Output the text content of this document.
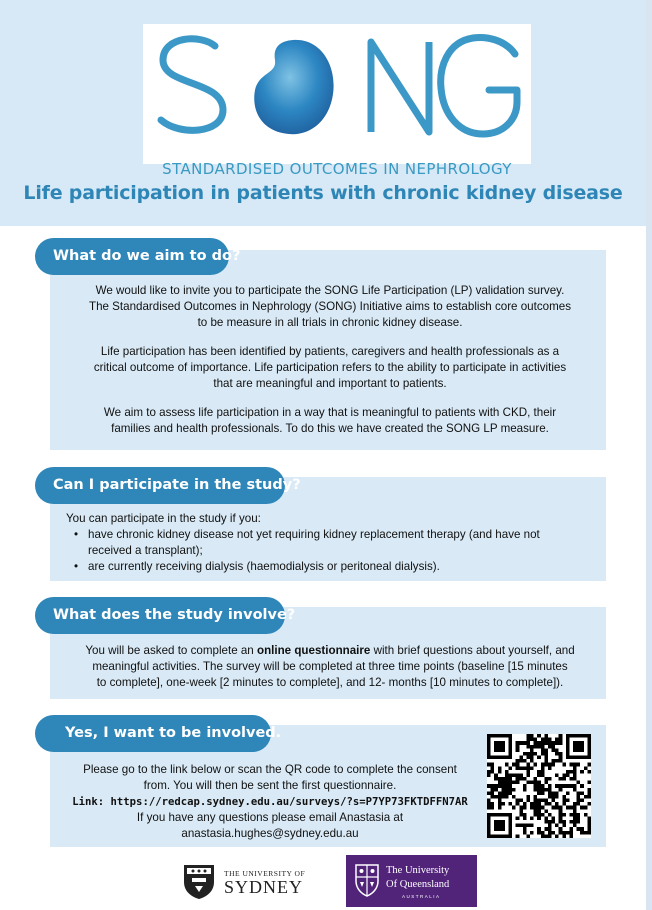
STANDARDISED OUTCOMES IN NEPHROLOGY
Life participation in patients with chronic kidney disease
What do we aim to do?
We would like to invite you to participate the SONG Life Participation (LP) validation survey.
The Standardised Outcomes in Nephrology (SONG) Initiative aims to establish core outcomes
to be measure in all trials in chronic kidney disease.
Life participation has been identified by patients, caregivers and health professionals as a
critical outcome of importance. Life participation refers to the ability to participate in activities
that are meaningful and important to patients.
We aim to assess life participation in a way that is meaningful to patients with CKD, their
families and health professionals. To do this we have created the SONG LP measure.
Can I participate in the study?
You can participate in the study if you:
• have chronic kidney disease not yet requiring kidney replacement therapy (and have not
received a transplant);
• are currently receiving dialysis (haemodialysis or peritoneal dialysis).
What does the study involve?
You will be asked to complete an online questionnaire with brief questions about yourself, and
meaningful activities. The survey will be completed at three time points (baseline [15 minutes
to complete], one-week [2 minutes to complete], and 12- months [10 minutes to complete]).
Yes, I want to be involved.
Please go to the link below or scan the QR code to complete the consent
from. You will then be sent the first questionnaire.
Link: https://redcap.sydney.edu.au/surveys/?s=P7YP73FKTDFFN7AR
If you have any questions please email Anastasia at
anastasia.hughes@sydney.edu.au
THE UNIVERSITY OF
SYDNEY
The University
Of Queensland
AUSTRALIA
